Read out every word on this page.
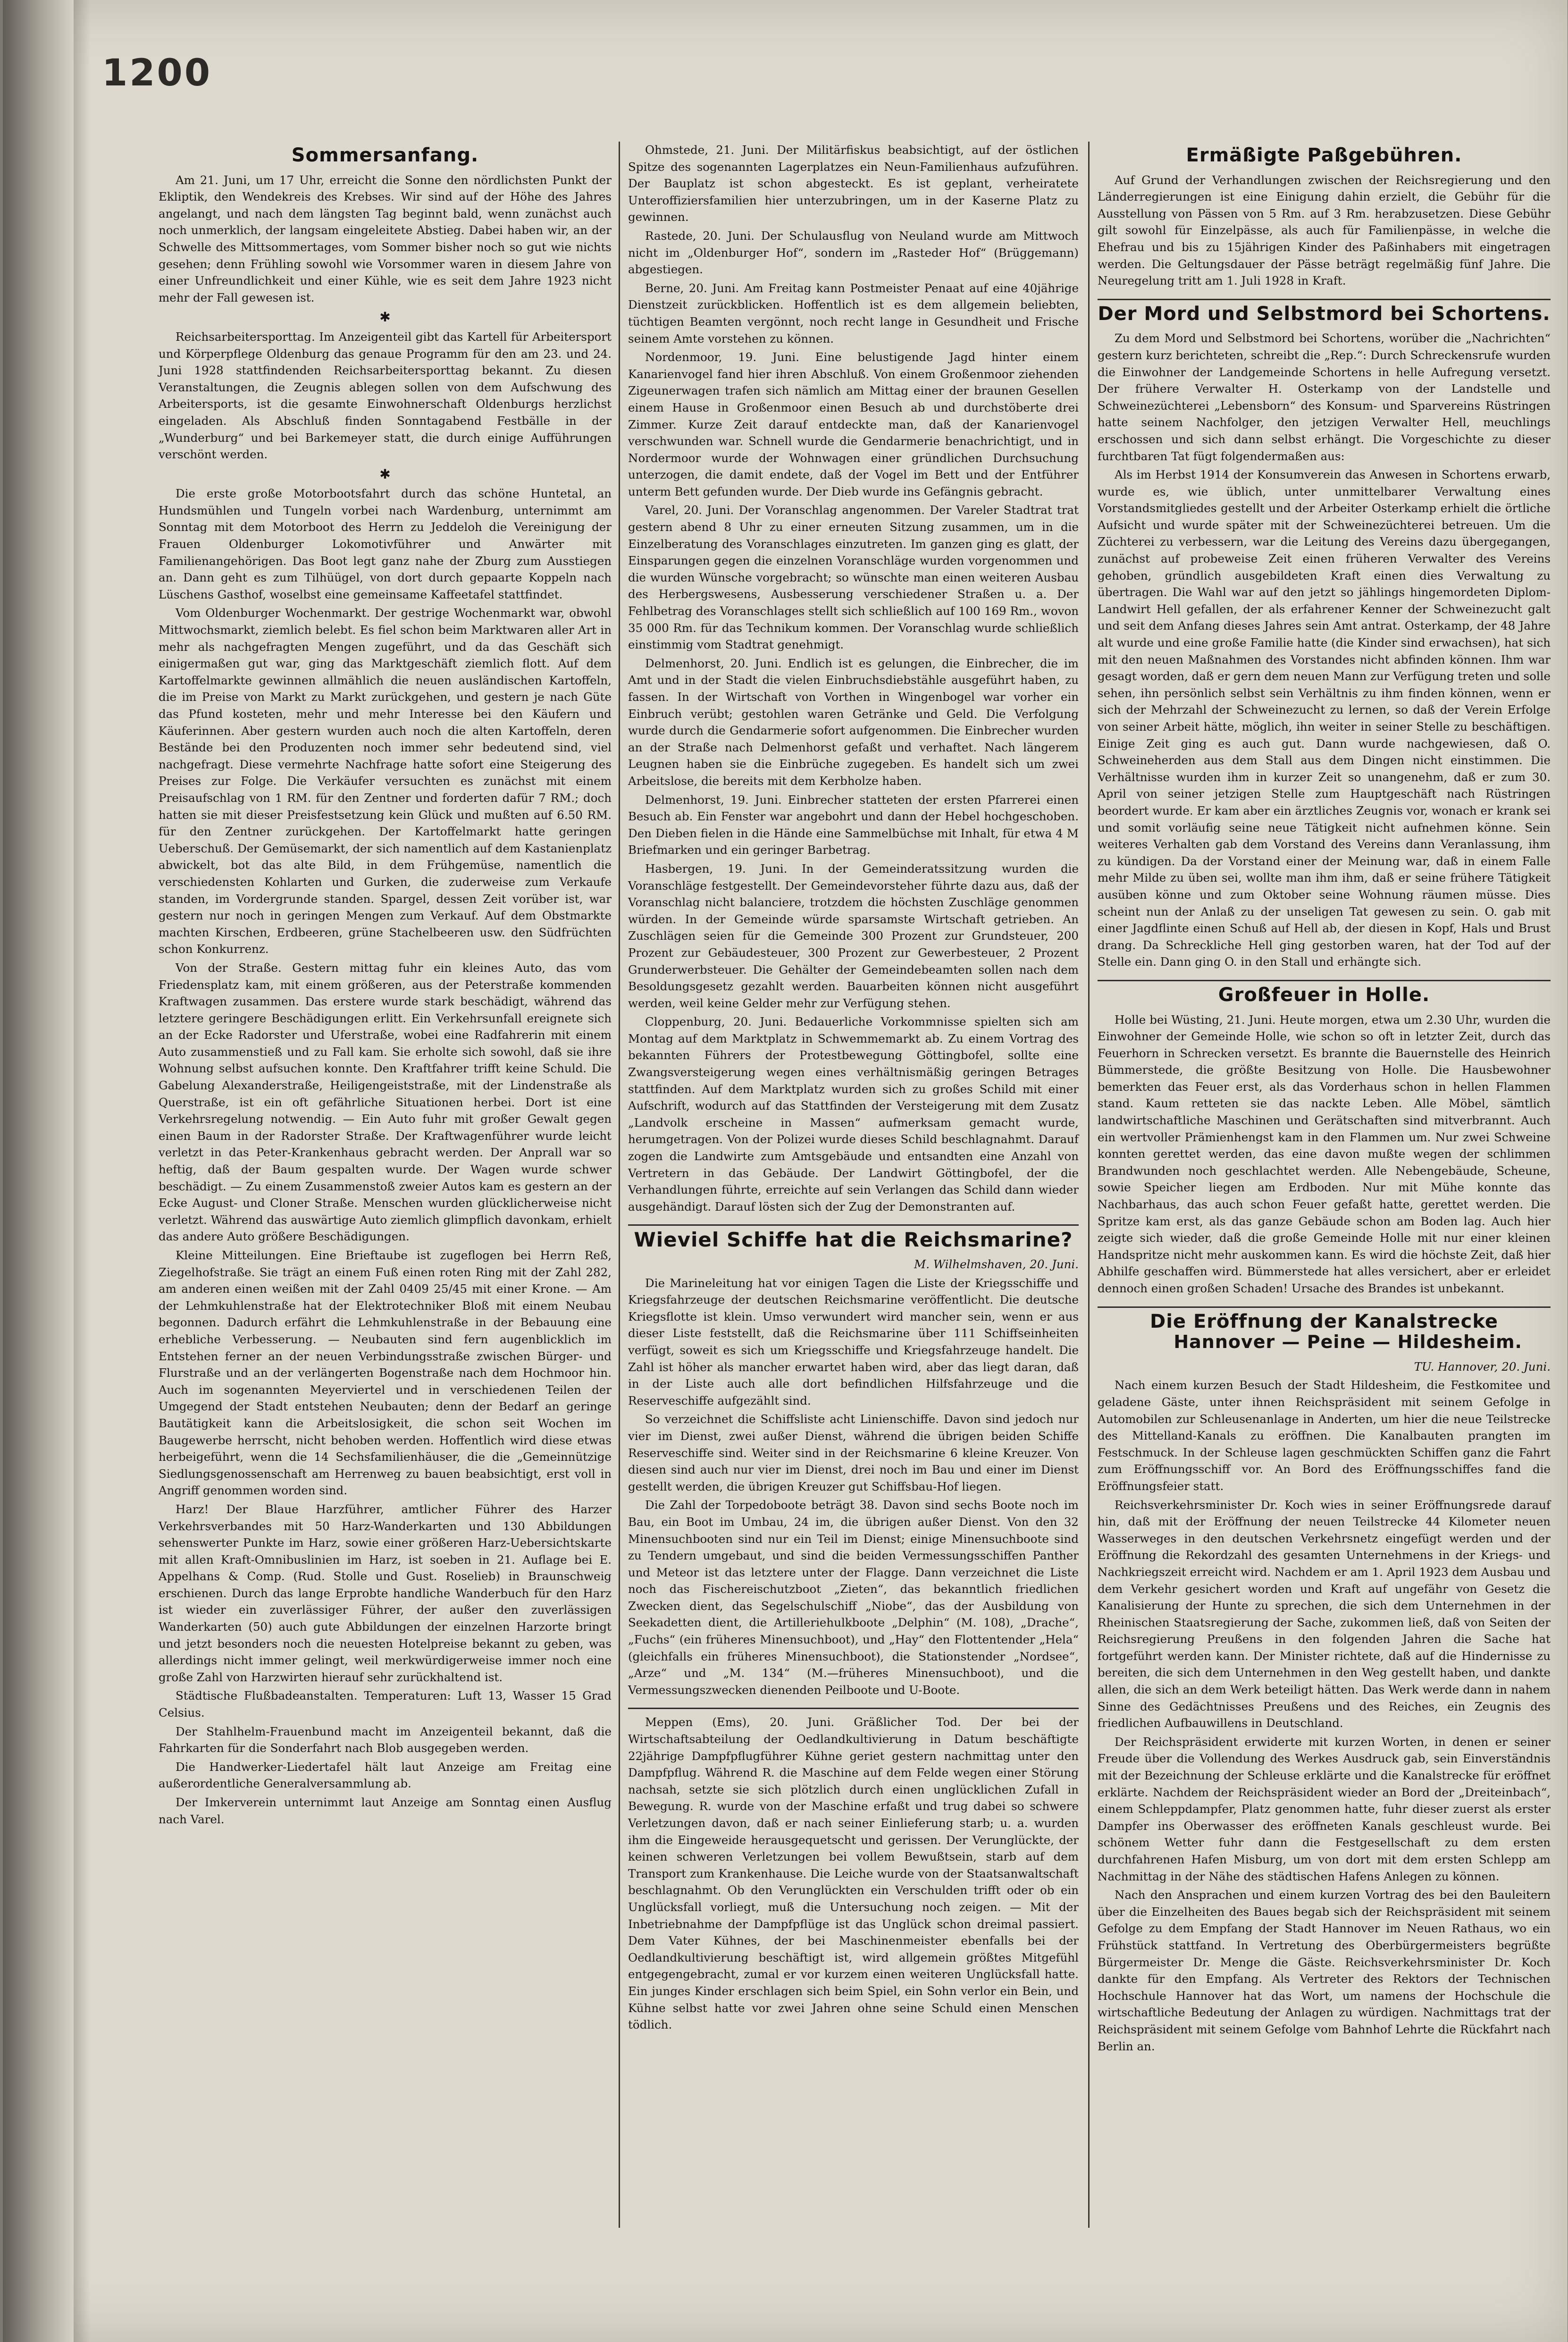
1200
Sommersanfang.

Am 21. Juni, um 17 Uhr, erreicht die Sonne den nördlichsten Punkt der Ekliptik, den Wendekreis des Krebses. Wir sind auf der Höhe des Jahres angelangt, und nach dem längsten Tag beginnt bald, wenn zunächst auch noch unmerklich, der langsam eingeleitete Abstieg. Dabei haben wir, an der Schwelle des Mittsommertages, vom Sommer bisher noch so gut wie nichts gesehen; denn Frühling sowohl wie Vorsommer waren in diesem Jahre von einer Unfreundlichkeit und einer Kühle, wie es seit dem Jahre 1923 nicht mehr der Fall gewesen ist.

✱

Reichsarbeitersporttag. Im Anzeigenteil gibt das Kartell für Arbeitersport und Körperpflege Oldenburg das genaue Programm für den am 23. und 24. Juni 1928 stattfindenden Reichsarbeitersporttag bekannt. Zu diesen Veranstaltungen, die Zeugnis ablegen sollen von dem Aufschwung des Arbeitersports, ist die gesamte Einwohnerschaft Oldenburgs herzlichst eingeladen. Als Abschluß finden Sonntagabend Festbälle in der „Wunderburg“ und bei Barkemeyer statt, die durch einige Aufführungen verschönt werden.

✱

Die erste große Motorbootsfahrt durch das schöne Huntetal, an Hundsmühlen und Tungeln vorbei nach Wardenburg, unternimmt am Sonntag mit dem Motorboot des Herrn zu Jeddeloh die Vereinigung der Frauen Oldenburger Lokomotivführer und Anwärter mit Familienangehörigen. Das Boot legt ganz nahe der Zburg zum Ausstiegen an. Dann geht es zum Tilhüügel, von dort durch gepaarte Koppeln nach Lüschens Gasthof, woselbst eine gemeinsame Kaffeetafel stattfindet.

Vom Oldenburger Wochenmarkt. Der gestrige Wochenmarkt war, obwohl Mittwochsmarkt, ziemlich belebt. Es fiel schon beim Marktwaren aller Art in mehr als nachgefragten Mengen zugeführt, und da das Geschäft sich einigermaßen gut war, ging das Marktgeschäft ziemlich flott. Auf dem Kartoffelmarkte gewinnen allmählich die neuen ausländischen Kartoffeln, die im Preise von Markt zu Markt zurückgehen, und gestern je nach Güte das Pfund kosteten, mehr und mehr Interesse bei den Käufern und Käuferinnen. Aber gestern wurden auch noch die alten Kartoffeln, deren Bestände bei den Produzenten noch immer sehr bedeutend sind, viel nachgefragt. Diese vermehrte Nachfrage hatte sofort eine Steigerung des Preises zur Folge. Die Verkäufer versuchten es zunächst mit einem Preisaufschlag von 1 RM. für den Zentner und forderten dafür 7 RM.; doch hatten sie mit dieser Preisfestsetzung kein Glück und mußten auf 6.50 RM. für den Zentner zurückgehen. Der Kartoffelmarkt hatte geringen Ueberschuß. Der Gemüsemarkt, der sich namentlich auf dem Kastanienplatz abwickelt, bot das alte Bild, in dem Frühgemüse, namentlich die verschiedensten Kohlarten und Gurken, die zuderweise zum Verkaufe standen, im Vordergrunde standen. Spargel, dessen Zeit vorüber ist, war gestern nur noch in geringen Mengen zum Verkauf. Auf dem Obstmarkte machten Kirschen, Erdbeeren, grüne Stachelbeeren usw. den Südfrüchten schon Konkurrenz.

Von der Straße. Gestern mittag fuhr ein kleines Auto, das vom Friedensplatz kam, mit einem größeren, aus der Peterstraße kommenden Kraftwagen zusammen. Das erstere wurde stark beschädigt, während das letztere geringere Beschädigungen erlitt. Ein Verkehrsunfall ereignete sich an der Ecke Radorster und Uferstraße, wobei eine Radfahrerin mit einem Auto zusammenstieß und zu Fall kam. Sie erholte sich sowohl, daß sie ihre Wohnung selbst aufsuchen konnte. Den Kraftfahrer trifft keine Schuld. Die Gabelung Alexanderstraße, Heiligengeiststraße, mit der Lindenstraße als Querstraße, ist ein oft gefährliche Situationen herbei. Dort ist eine Verkehrsregelung notwendig. — Ein Auto fuhr mit großer Gewalt gegen einen Baum in der Radorster Straße. Der Kraftwagenführer wurde leicht verletzt in das Peter-Krankenhaus gebracht werden. Der Anprall war so heftig, daß der Baum gespalten wurde. Der Wagen wurde schwer beschädigt. — Zu einem Zusammenstoß zweier Autos kam es gestern an der Ecke August- und Cloner Straße. Menschen wurden glücklicherweise nicht verletzt. Während das auswärtige Auto ziemlich glimpflich davonkam, erhielt das andere Auto größere Beschädigungen.

Kleine Mitteilungen. Eine Brieftaube ist zugeflogen bei Herrn Reß, Ziegelhofstraße. Sie trägt an einem Fuß einen roten Ring mit der Zahl 282, am anderen einen weißen mit der Zahl 0409 25/45 mit einer Krone. — Am der Lehmkuhlenstraße hat der Elektrotechniker Bloß mit einem Neubau begonnen. Dadurch erfährt die Lehmkuhlenstraße in der Bebauung eine erhebliche Verbesserung. — Neubauten sind fern augenblicklich im Entstehen ferner an der neuen Verbindungsstraße zwischen Bürger- und Flurstraße und an der verlängerten Bogenstraße nach dem Hochmoor hin. Auch im sogenannten Meyerviertel und in verschiedenen Teilen der Umgegend der Stadt entstehen Neubauten; denn der Bedarf an geringe Bautätigkeit kann die Arbeitslosigkeit, die schon seit Wochen im Baugewerbe herrscht, nicht behoben werden. Hoffentlich wird diese etwas herbeigeführt, wenn die 14 Sechsfamilienhäuser, die die „Gemeinnützige Siedlungsgenossenschaft am Herrenweg zu bauen beabsichtigt, erst voll in Angriff genommen worden sind.

Harz! Der Blaue Harzführer, amtlicher Führer des Harzer Verkehrsverbandes mit 50 Harz-Wanderkarten und 130 Abbildungen sehenswerter Punkte im Harz, sowie einer größeren Harz-Uebersichtskarte mit allen Kraft-Omnibuslinien im Harz, ist soeben in 21. Auflage bei E. Appelhans & Comp. (Rud. Stolle und Gust. Roselieb) in Braunschweig erschienen. Durch das lange Erprobte handliche Wanderbuch für den Harz ist wieder ein zuverlässiger Führer, der außer den zuverlässigen Wanderkarten (50) auch gute Abbildungen der einzelnen Harzorte bringt und jetzt besonders noch die neuesten Hotelpreise bekannt zu geben, was allerdings nicht immer gelingt, weil merkwürdigerweise immer noch eine große Zahl von Harzwirten hierauf sehr zurückhaltend ist.

Städtische Flußbadeanstalten. Temperaturen: Luft 13, Wasser 15 Grad Celsius.

Der Stahlhelm-Frauenbund macht im Anzeigenteil bekannt, daß die Fahrkarten für die Sonderfahrt nach Blob ausgegeben werden.

Die Handwerker-Liedertafel hält laut Anzeige am Freitag eine außerordentliche Generalversammlung ab.

Der Imkerverein unternimmt laut Anzeige am Sonntag einen Ausflug nach Varel.

Ohmstede, 21. Juni. Der Militärfiskus beabsichtigt, auf der östlichen Spitze des sogenannten Lagerplatzes ein Neun-Familienhaus aufzuführen. Der Bauplatz ist schon abgesteckt. Es ist geplant, verheiratete Unteroffiziersfamilien hier unterzubringen, um in der Kaserne Platz zu gewinnen.

Rastede, 20. Juni. Der Schulausflug von Neuland wurde am Mittwoch nicht im „Oldenburger Hof“, sondern im „Rasteder Hof“ (Brüggemann) abgestiegen.

Berne, 20. Juni. Am Freitag kann Postmeister Penaat auf eine 40jährige Dienstzeit zurückblicken. Hoffentlich ist es dem allgemein beliebten, tüchtigen Beamten vergönnt, noch recht lange in Gesundheit und Frische seinem Amte vorstehen zu können.

Nordenmoor, 19. Juni. Eine belustigende Jagd hinter einem Kanarienvogel fand hier ihren Abschluß. Von einem Großenmoor ziehenden Zigeunerwagen trafen sich nämlich am Mittag einer der braunen Gesellen einem Hause in Großenmoor einen Besuch ab und durchstöberte drei Zimmer. Kurze Zeit darauf entdeckte man, daß der Kanarienvogel verschwunden war. Schnell wurde die Gendarmerie benachrichtigt, und in Nordermoor wurde der Wohnwagen einer gründlichen Durchsuchung unterzogen, die damit endete, daß der Vogel im Bett und der Entführer unterm Bett gefunden wurde. Der Dieb wurde ins Gefängnis gebracht.

Varel, 20. Juni. Der Voranschlag angenommen. Der Vareler Stadtrat trat gestern abend 8 Uhr zu einer erneuten Sitzung zusammen, um in die Einzelberatung des Voranschlages einzutreten. Im ganzen ging es glatt, der Einsparungen gegen die einzelnen Voranschläge wurden vorgenommen und die wurden Wünsche vorgebracht; so wünschte man einen weiteren Ausbau des Herbergswesens, Ausbesserung verschiedener Straßen u. a. Der Fehlbetrag des Voranschlages stellt sich schließlich auf 100 169 Rm., wovon 35 000 Rm. für das Technikum kommen. Der Voranschlag wurde schließlich einstimmig vom Stadtrat genehmigt.

Delmenhorst, 20. Juni. Endlich ist es gelungen, die Einbrecher, die im Amt und in der Stadt die vielen Einbruchsdiebstähle ausgeführt haben, zu fassen. In der Wirtschaft von Vorthen in Wingenbogel war vorher ein Einbruch verübt; gestohlen waren Getränke und Geld. Die Verfolgung wurde durch die Gendarmerie sofort aufgenommen. Die Einbrecher wurden an der Straße nach Delmenhorst gefaßt und verhaftet. Nach längerem Leugnen haben sie die Einbrüche zugegeben. Es handelt sich um zwei Arbeitslose, die bereits mit dem Kerbholze haben.

Delmenhorst, 19. Juni. Einbrecher statteten der ersten Pfarrerei einen Besuch ab. Ein Fenster war angebohrt und dann der Hebel hochgeschoben. Den Dieben fielen in die Hände eine Sammelbüchse mit Inhalt, für etwa 4 M Briefmarken und ein geringer Barbetrag.

Hasbergen, 19. Juni. In der Gemeinderatssitzung wurden die Voranschläge festgestellt. Der Gemeindevorsteher führte dazu aus, daß der Voranschlag nicht balanciere, trotzdem die höchsten Zuschläge genommen würden. In der Gemeinde würde sparsamste Wirtschaft getrieben. An Zuschlägen seien für die Gemeinde 300 Prozent zur Grundsteuer, 200 Prozent zur Gebäudesteuer, 300 Prozent zur Gewerbesteuer, 2 Prozent Grunderwerbsteuer. Die Gehälter der Gemeindebeamten sollen nach dem Besoldungsgesetz gezahlt werden. Bauarbeiten können nicht ausgeführt werden, weil keine Gelder mehr zur Verfügung stehen.

Cloppenburg, 20. Juni. Bedauerliche Vorkommnisse spielten sich am Montag auf dem Marktplatz in Schwemmemarkt ab. Zu einem Vortrag des bekannten Führers der Protestbewegung Göttingbofel, sollte eine Zwangsversteigerung wegen eines verhältnismäßig geringen Betrages stattfinden. Auf dem Marktplatz wurden sich zu großes Schild mit einer Aufschrift, wodurch auf das Stattfinden der Versteigerung mit dem Zusatz „Landvolk erscheine in Massen“ aufmerksam gemacht wurde, herumgetragen. Von der Polizei wurde dieses Schild beschlagnahmt. Darauf zogen die Landwirte zum Amtsgebäude und entsandten eine Anzahl von Vertretern in das Gebäude. Der Landwirt Göttingbofel, der die Verhandlungen führte, erreichte auf sein Verlangen das Schild dann wieder ausgehändigt. Darauf lösten sich der Zug der Demonstranten auf.

Wieviel Schiffe hat die Reichsmarine?

M. Wilhelmshaven, 20. Juni.

Die Marineleitung hat vor einigen Tagen die Liste der Kriegsschiffe und Kriegsfahrzeuge der deutschen Reichsmarine veröffentlicht. Die deutsche Kriegsflotte ist klein. Umso verwundert wird mancher sein, wenn er aus dieser Liste feststellt, daß die Reichsmarine über 111 Schiffseinheiten verfügt, soweit es sich um Kriegsschiffe und Kriegsfahrzeuge handelt. Die Zahl ist höher als mancher erwartet haben wird, aber das liegt daran, daß in der Liste auch alle dort befindlichen Hilfsfahrzeuge und die Reserveschiffe aufgezählt sind.

So verzeichnet die Schiffsliste acht Linienschiffe. Davon sind jedoch nur vier im Dienst, zwei außer Dienst, während die übrigen beiden Schiffe Reserveschiffe sind. Weiter sind in der Reichsmarine 6 kleine Kreuzer. Von diesen sind auch nur vier im Dienst, drei noch im Bau und einer im Dienst gestellt werden, die übrigen Kreuzer gut Schiffsbau-Hof liegen.

Die Zahl der Torpedoboote beträgt 38. Davon sind sechs Boote noch im Bau, ein Boot im Umbau, 24 im, die übrigen außer Dienst. Von den 32 Minensuchbooten sind nur ein Teil im Dienst; einige Minensuchboote sind zu Tendern umgebaut, und sind die beiden Vermessungsschiffen Panther und Meteor ist das letztere unter der Flagge. Dann verzeichnet die Liste noch das Fischereischutzboot „Zieten“, das bekanntlich friedlichen Zwecken dient, das Segelschulschiff „Niobe“, das der Ausbildung von Seekadetten dient, die Artilleriehulkboote „Delphin“ (M. 108), „Drache“, „Fuchs“ (ein früheres Minensuchboot), und „Hay“ den Flottentender „Hela“ (gleichfalls ein früheres Minensuchboot), die Stationstender „Nordsee“, „Arze“ und „M. 134“ (M.—früheres Minensuchboot), und die Vermessungszwecken dienenden Peilboote und U-Boote.

Meppen (Ems), 20. Juni. Gräßlicher Tod. Der bei der Wirtschaftsabteilung der Oedlandkultivierung in Datum beschäftigte 22jährige Dampfpflugführer Kühne geriet gestern nachmittag unter den Dampfpflug. Während R. die Maschine auf dem Felde wegen einer Störung nachsah, setzte sie sich plötzlich durch einen unglücklichen Zufall in Bewegung. R. wurde von der Maschine erfaßt und trug dabei so schwere Verletzungen davon, daß er nach seiner Einlieferung starb; u. a. wurden ihm die Eingeweide herausgequetscht und gerissen. Der Verunglückte, der keinen schweren Verletzungen bei vollem Bewußtsein, starb auf dem Transport zum Krankenhause. Die Leiche wurde von der Staatsanwaltschaft beschlagnahmt. Ob den Verunglückten ein Verschulden trifft oder ob ein Unglücksfall vorliegt, muß die Untersuchung noch zeigen. — Mit der Inbetriebnahme der Dampfpflüge ist das Unglück schon dreimal passiert. Dem Vater Kühnes, der bei Maschinenmeister ebenfalls bei der Oedlandkultivierung beschäftigt ist, wird allgemein größtes Mitgefühl entgegengebracht, zumal er vor kurzem einen weiteren Unglücksfall hatte. Ein junges Kinder erschlagen sich beim Spiel, ein Sohn verlor ein Bein, und Kühne selbst hatte vor zwei Jahren ohne seine Schuld einen Menschen tödlich.

Ermäßigte Paßgebühren.

Auf Grund der Verhandlungen zwischen der Reichsregierung und den Länderregierungen ist eine Einigung dahin erzielt, die Gebühr für die Ausstellung von Pässen von 5 Rm. auf 3 Rm. herabzusetzen. Diese Gebühr gilt sowohl für Einzelpässe, als auch für Familienpässe, in welche die Ehefrau und bis zu 15jährigen Kinder des Paßinhabers mit eingetragen werden. Die Geltungsdauer der Pässe beträgt regelmäßig fünf Jahre. Die Neuregelung tritt am 1. Juli 1928 in Kraft.

Der Mord und Selbstmord bei Schortens.

Zu dem Mord und Selbstmord bei Schortens, worüber die „Nachrichten“ gestern kurz berichteten, schreibt die „Rep.“: Durch Schreckensrufe wurden die Einwohner der Landgemeinde Schortens in helle Aufregung versetzt. Der frühere Verwalter H. Osterkamp von der Landstelle und Schweinezüchterei „Lebensborn“ des Konsum- und Sparvereins Rüstringen hatte seinem Nachfolger, den jetzigen Verwalter Hell, meuchlings erschossen und sich dann selbst erhängt. Die Vorgeschichte zu dieser furchtbaren Tat fügt folgendermaßen aus:

Als im Herbst 1914 der Konsumverein das Anwesen in Schortens erwarb, wurde es, wie üblich, unter unmittelbarer Verwaltung eines Vorstandsmitgliedes gestellt und der Arbeiter Osterkamp erhielt die örtliche Aufsicht und wurde später mit der Schweinezüchterei betreuen. Um die Züchterei zu verbessern, war die Leitung des Vereins dazu übergegangen, zunächst auf probeweise Zeit einen früheren Verwalter des Vereins gehoben, gründlich ausgebildeten Kraft einen dies Verwaltung zu übertragen. Die Wahl war auf den jetzt so jählings hingemordeten Diplom-Landwirt Hell gefallen, der als erfahrener Kenner der Schweinezucht galt und seit dem Anfang dieses Jahres sein Amt antrat. Osterkamp, der 48 Jahre alt wurde und eine große Familie hatte (die Kinder sind erwachsen), hat sich mit den neuen Maßnahmen des Vorstandes nicht abfinden können. Ihm war gesagt worden, daß er gern dem neuen Mann zur Verfügung treten und solle sehen, ihn persönlich selbst sein Verhältnis zu ihm finden können, wenn er sich der Mehrzahl der Schweinezucht zu lernen, so daß der Verein Erfolge von seiner Arbeit hätte, möglich, ihn weiter in seiner Stelle zu beschäftigen. Einige Zeit ging es auch gut. Dann wurde nachgewiesen, daß O. Schweineherden aus dem Stall aus dem Dingen nicht einstimmen. Die Verhältnisse wurden ihm in kurzer Zeit so unangenehm, daß er zum 30. April von seiner jetzigen Stelle zum Hauptgeschäft nach Rüstringen beordert wurde. Er kam aber ein ärztliches Zeugnis vor, wonach er krank sei und somit vorläufig seine neue Tätigkeit nicht aufnehmen könne. Sein weiteres Verhalten gab dem Vorstand des Vereins dann Veranlassung, ihm zu kündigen. Da der Vorstand einer der Meinung war, daß in einem Falle mehr Milde zu üben sei, wollte man ihm ihm, daß er seine frühere Tätigkeit ausüben könne und zum Oktober seine Wohnung räumen müsse. Dies scheint nun der Anlaß zu der unseligen Tat gewesen zu sein. O. gab mit einer Jagdflinte einen Schuß auf Hell ab, der diesen in Kopf, Hals und Brust drang. Da Schreckliche Hell ging gestorben waren, hat der Tod auf der Stelle ein. Dann ging O. in den Stall und erhängte sich.

Großfeuer in Holle.

Holle bei Wüsting, 21. Juni. Heute morgen, etwa um 2.30 Uhr, wurden die Einwohner der Gemeinde Holle, wie schon so oft in letzter Zeit, durch das Feuerhorn in Schrecken versetzt. Es brannte die Bauernstelle des Heinrich Bümmerstede, die größte Besitzung von Holle. Die Hausbewohner bemerkten das Feuer erst, als das Vorderhaus schon in hellen Flammen stand. Kaum retteten sie das nackte Leben. Alle Möbel, sämtlich landwirtschaftliche Maschinen und Gerätschaften sind mitverbrannt. Auch ein wertvoller Prämienhengst kam in den Flammen um. Nur zwei Schweine konnten gerettet werden, das eine davon mußte wegen der schlimmen Brandwunden noch geschlachtet werden. Alle Nebengebäude, Scheune, sowie Speicher liegen am Erdboden. Nur mit Mühe konnte das Nachbarhaus, das auch schon Feuer gefaßt hatte, gerettet werden. Die Spritze kam erst, als das ganze Gebäude schon am Boden lag. Auch hier zeigte sich wieder, daß die große Gemeinde Holle mit nur einer kleinen Handspritze nicht mehr auskommen kann. Es wird die höchste Zeit, daß hier Abhilfe geschaffen wird. Bümmerstede hat alles versichert, aber er erleidet dennoch einen großen Schaden! Ursache des Brandes ist unbekannt.

Die Eröffnung der Kanalstrecke
Hannover — Peine — Hildesheim.

TU. Hannover, 20. Juni.

Nach einem kurzen Besuch der Stadt Hildesheim, die Festkomitee und geladene Gäste, unter ihnen Reichspräsident mit seinem Gefolge in Automobilen zur Schleusenanlage in Anderten, um hier die neue Teilstrecke des Mittelland-Kanals zu eröffnen. Die Kanalbauten prangten im Festschmuck. In der Schleuse lagen geschmückten Schiffen ganz die Fahrt zum Eröffnungsschiff vor. An Bord des Eröffnungsschiffes fand die Eröffnungsfeier statt.

Reichsverkehrsminister Dr. Koch wies in seiner Eröffnungsrede darauf hin, daß mit der Eröffnung der neuen Teilstrecke 44 Kilometer neuen Wasserweges in den deutschen Verkehrsnetz eingefügt werden und der Eröffnung die Rekordzahl des gesamten Unternehmens in der Kriegs- und Nachkriegszeit erreicht wird. Nachdem er am 1. April 1923 dem Ausbau und dem Verkehr gesichert worden und Kraft auf ungefähr von Gesetz die Kanalisierung der Hunte zu sprechen, die sich dem Unternehmen in der Rheinischen Staatsregierung der Sache, zukommen ließ, daß von Seiten der Reichsregierung Preußens in den folgenden Jahren die Sache hat fortgeführt werden kann. Der Minister richtete, daß auf die Hindernisse zu bereiten, die sich dem Unternehmen in den Weg gestellt haben, und dankte allen, die sich an dem Werk beteiligt hätten. Das Werk werde dann in nahem Sinne des Gedächtnisses Preußens und des Reiches, ein Zeugnis des friedlichen Aufbauwillens in Deutschland.

Der Reichspräsident erwiderte mit kurzen Worten, in denen er seiner Freude über die Vollendung des Werkes Ausdruck gab, sein Einverständnis mit der Bezeichnung der Schleuse erklärte und die Kanalstrecke für eröffnet erklärte. Nachdem der Reichspräsident wieder an Bord der „Dreiteinbach“, einem Schleppdampfer, Platz genommen hatte, fuhr dieser zuerst als erster Dampfer ins Oberwasser des eröffneten Kanals geschleust wurde. Bei schönem Wetter fuhr dann die Festgesellschaft zu dem ersten durchfahrenen Hafen Misburg, um von dort mit dem ersten Schlepp am Nachmittag in der Nähe des städtischen Hafens Anlegen zu können.

Nach den Ansprachen und einem kurzen Vortrag des bei den Bauleitern über die Einzelheiten des Baues begab sich der Reichspräsident mit seinem Gefolge zu dem Empfang der Stadt Hannover im Neuen Rathaus, wo ein Frühstück stattfand. In Vertretung des Oberbürgermeisters begrüßte Bürgermeister Dr. Menge die Gäste. Reichsverkehrsminister Dr. Koch dankte für den Empfang. Als Vertreter des Rektors der Technischen Hochschule Hannover hat das Wort, um namens der Hochschule die wirtschaftliche Bedeutung der Anlagen zu würdigen. Nachmittags trat der Reichspräsident mit seinem Gefolge vom Bahnhof Lehrte die Rückfahrt nach Berlin an.
